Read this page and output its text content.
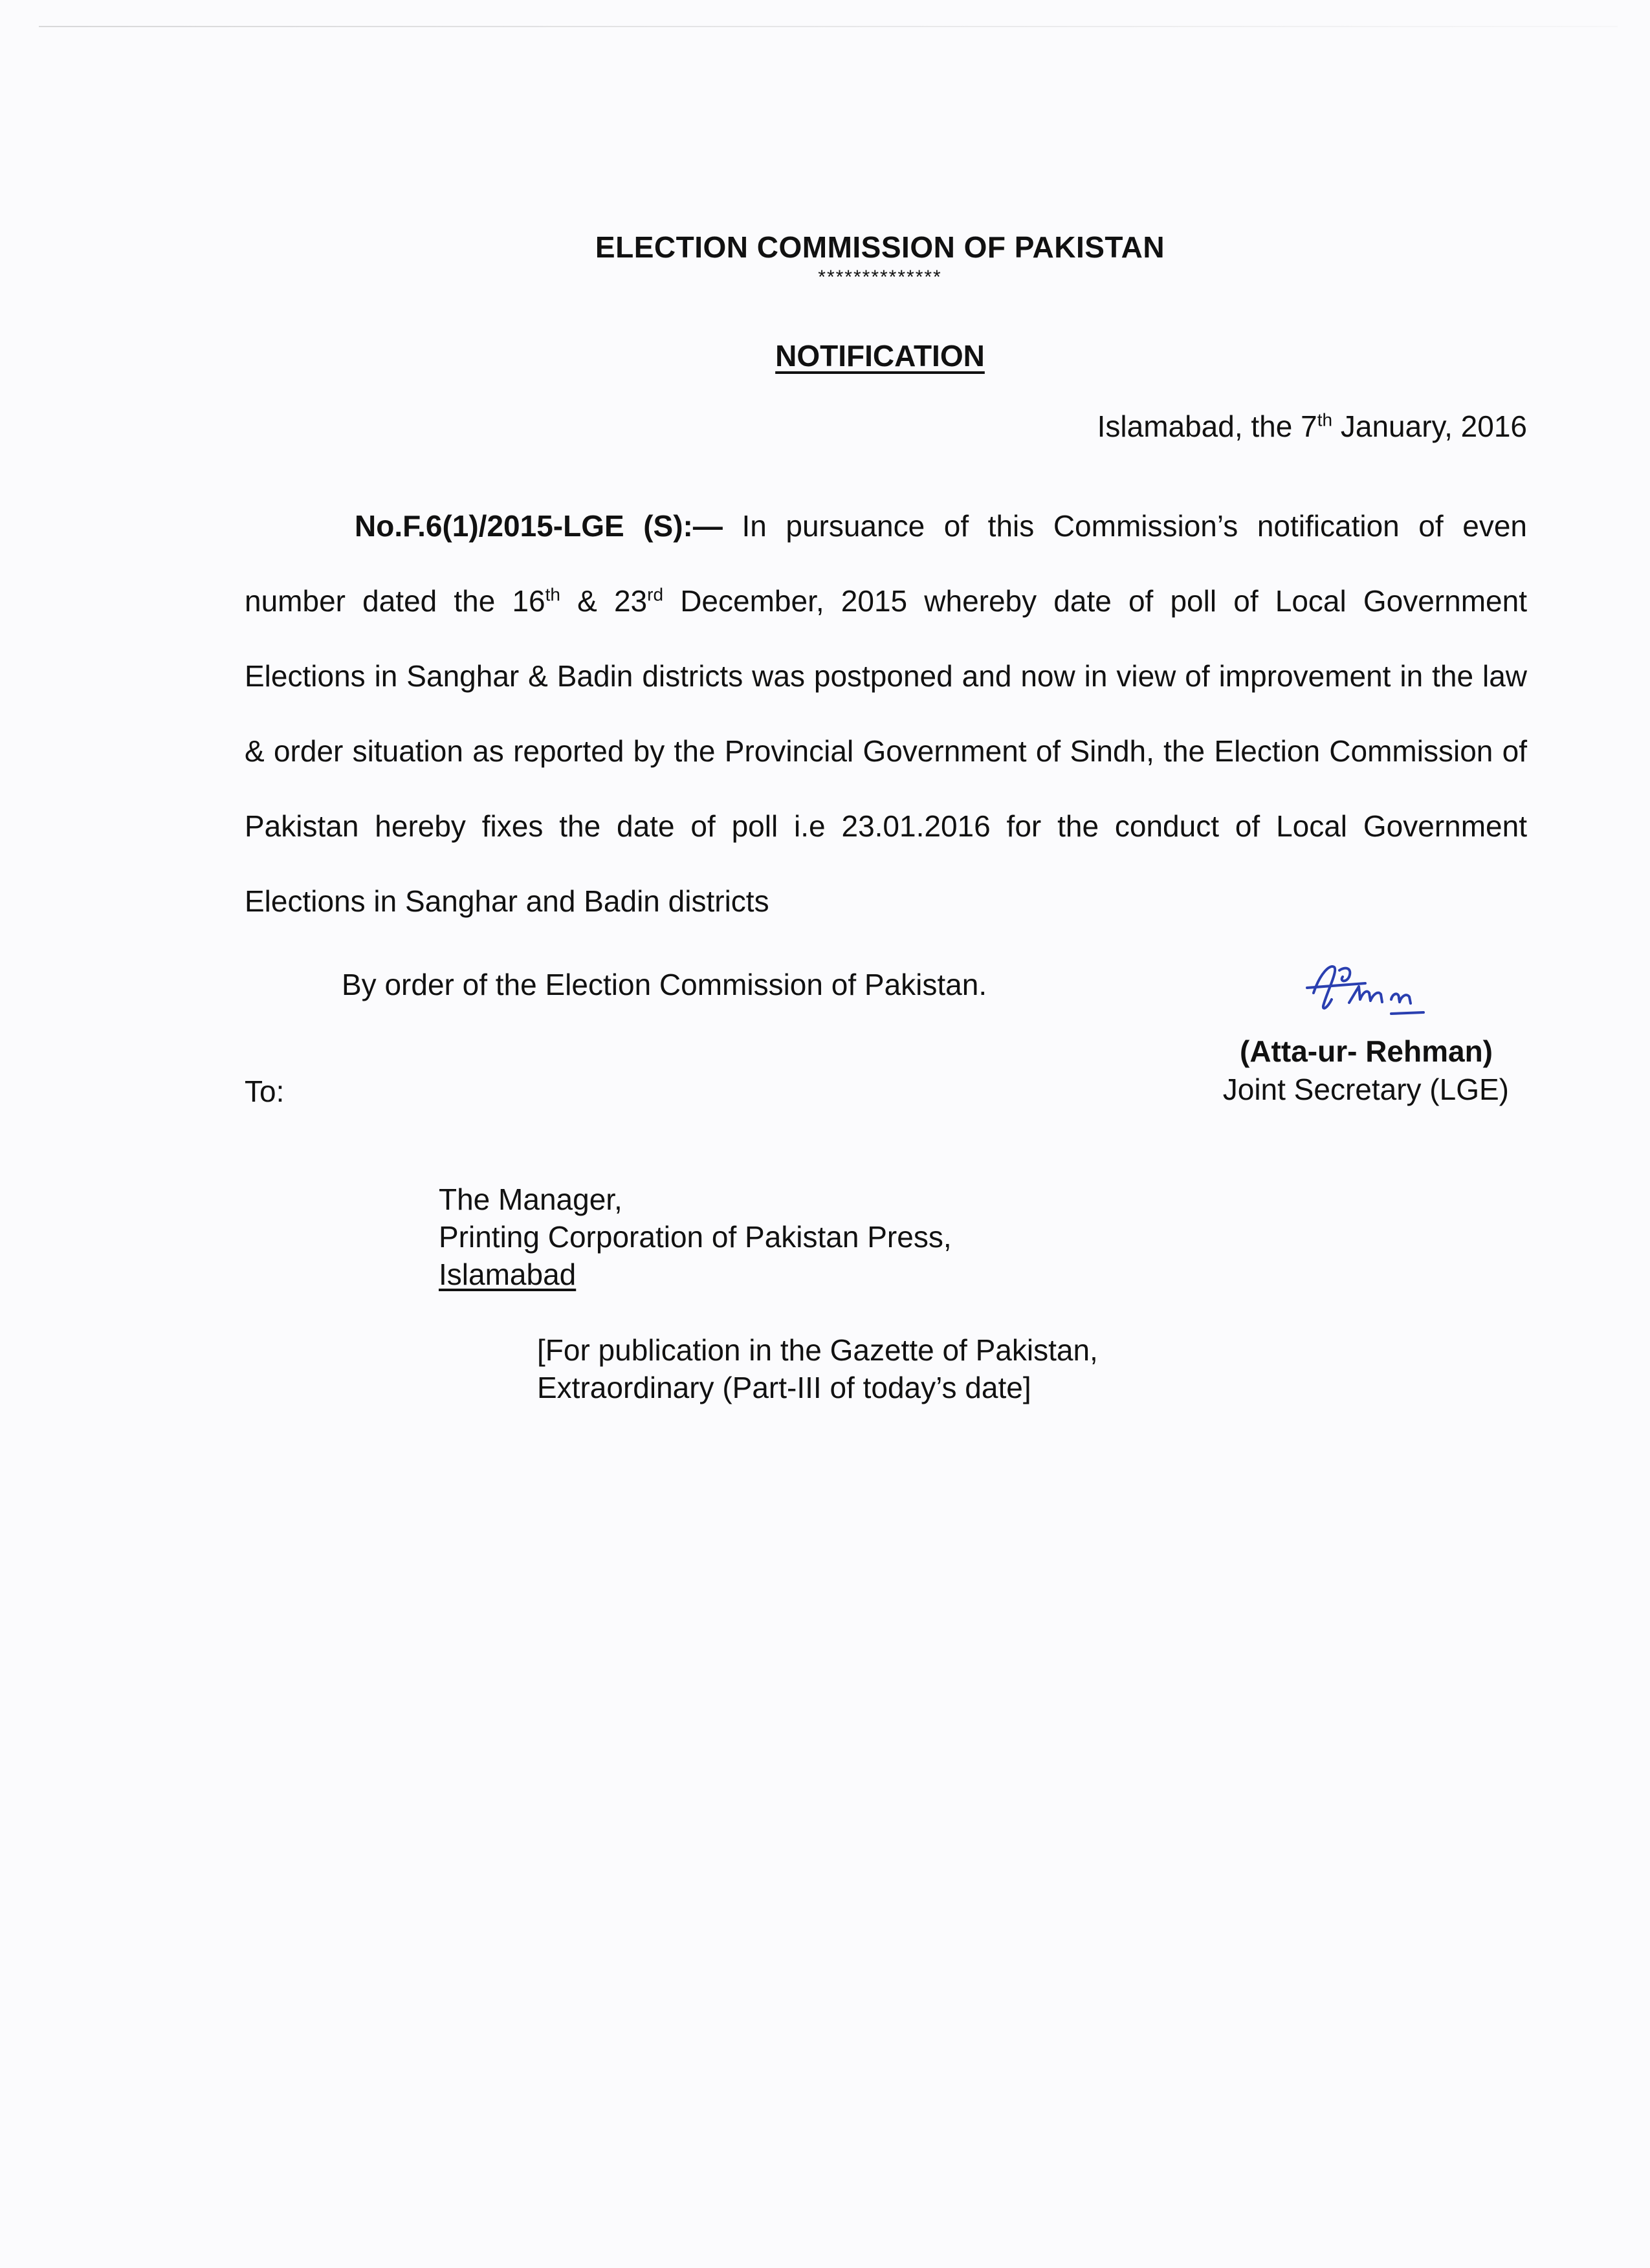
ELECTION COMMISSION OF PAKISTAN
**************
NOTIFICATION
Islamabad, the 7th January, 2016
No.F.6(1)/2015-LGE (S):— In pursuance of this Commission’s notification of even number dated the 16th & 23rd December, 2015 whereby date of poll of Local Government Elections in Sanghar & Badin districts was postponed and now in view of improvement in the law & order situation as reported by the Provincial Government of Sindh, the Election Commission of Pakistan hereby fixes the date of poll i.e 23.01.2016 for the conduct of Local Government Elections in Sanghar and Badin districts
By order of the Election Commission of Pakistan.
(Atta-ur- Rehman)
Joint Secretary (LGE)
To:
The Manager,
Printing Corporation of Pakistan Press,
Islamabad
[For publication in the Gazette of Pakistan,
Extraordinary (Part-III of today’s date]
